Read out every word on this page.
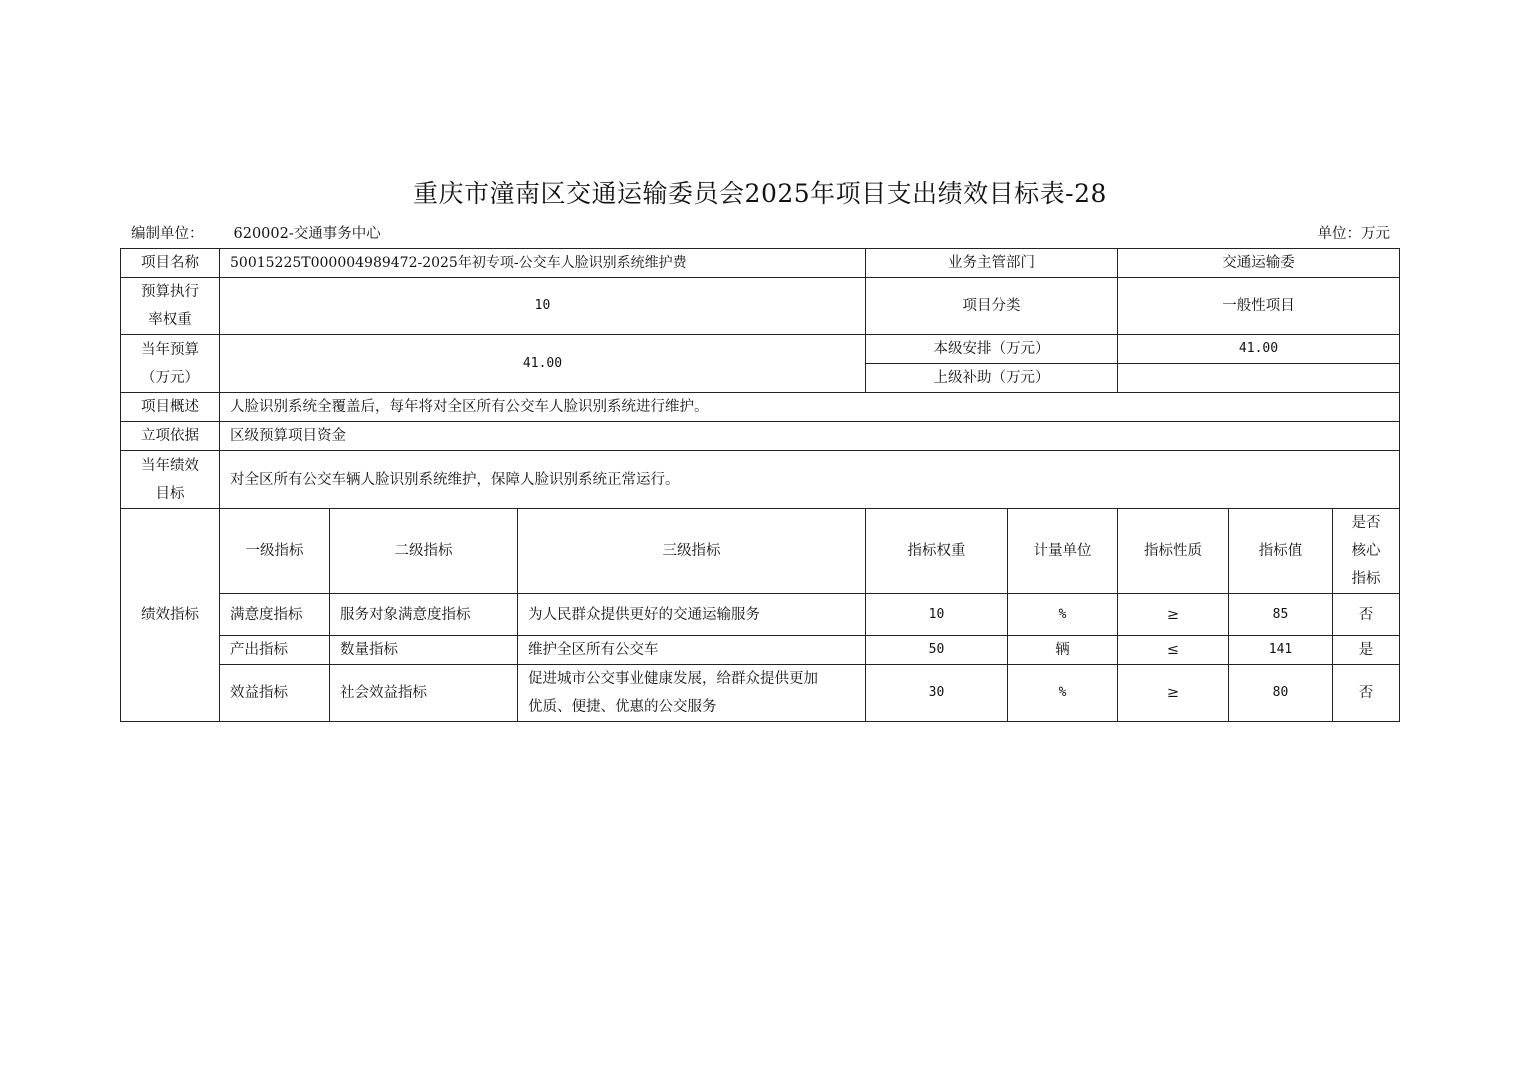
重庆市潼南区交通运输委员会2025年项目支出绩效目标表-28
编制单位： 620002-交通事务中心	单位：万元
项目名称	50015225T000004989472-2025年初专项-公交车人脸识别系统维护费			业务主管部门		交通运输委		
预算执行
率权重	10			项目分类		一般性项目		
当年预算
（万元）	41.00			本级安排（万元）		41.00		
				上级补助（万元）				
项目概述	人脸识别系统全覆盖后，每年将对全区所有公交车人脸识别系统进行维护。							
立项依据	区级预算项目资金							
当年绩效
目标	对全区所有公交车辆人脸识别系统维护，保障人脸识别系统正常运行。							
绩效指标	一级指标	二级指标	三级指标	指标权重	计量单位	指标性质	指标值	是否
核心
指标
	满意度指标	服务对象满意度指标	为人民群众提供更好的交通运输服务	10	%	≥	85	否
	产出指标	数量指标	维护全区所有公交车	50	辆	≤	141	是
	效益指标	社会效益指标	促进城市公交事业健康发展，给群众提供更加
优质、便捷、优惠的公交服务	30	%	≥	80	否
